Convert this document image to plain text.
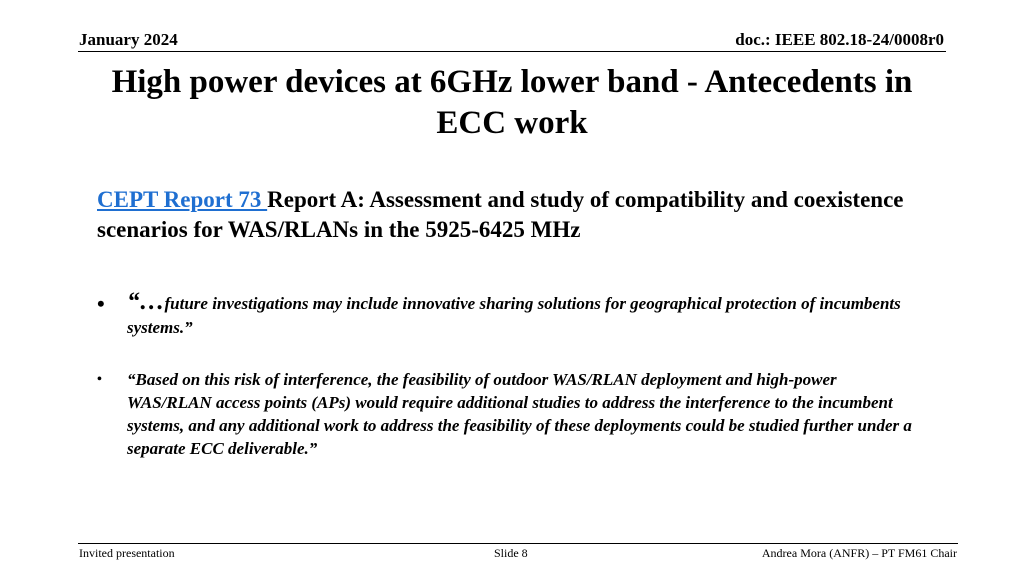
January 2024	doc.: IEEE 802.18-24/0008r0
High power devices at 6GHz lower band - Antecedents in ECC work
CEPT Report 73 Report A: Assessment and study of compatibility and coexistence scenarios for WAS/RLANs in the 5925-6425 MHz
• “…future investigations may include innovative sharing solutions for geographical protection of incumbents systems.”
• “Based on this risk of interference, the feasibility of outdoor WAS/RLAN deployment and high-power WAS/RLAN access points (APs) would require additional studies to address the interference to the incumbent systems, and any additional work to address the feasibility of these deployments could be studied further under a separate ECC deliverable.”
Invited presentation	Slide 8	Andrea Mora (ANFR) – PT FM61 Chair
